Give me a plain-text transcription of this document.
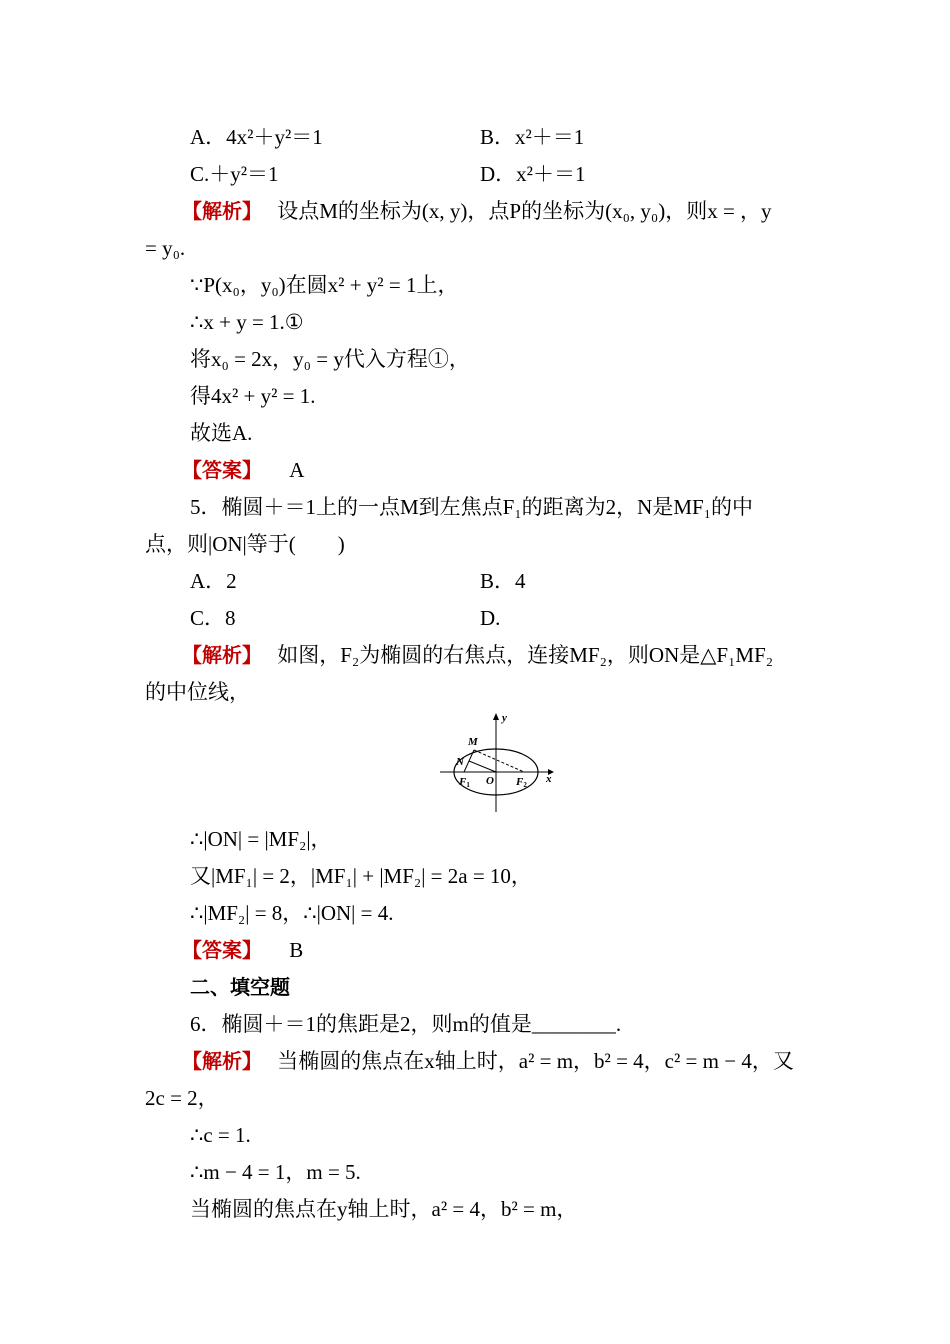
A．4x²＋y²＝1	B．x²＋＝1
C.＋y²＝1	D．x²＋＝1
【解析】 设点M的坐标为(x, y)，点P的坐标为(x₀, y₀)，则x = ，y
= y₀.
∵P(x₀，y₀)在圆x² + y² = 1上，
∴x + y = 1.①
将x₀ = 2x，y₀ = y代入方程①，
得4x² + y² = 1.
故选A.
【答案】 A
5．椭圆＋＝1上的一点M到左焦点F₁的距离为2，N是MF₁的中
点，则|ON|等于(　　)
A．2	B．4
C．8	D.
【解析】 如图，F₂为椭圆的右焦点，连接MF₂，则ON是△F₁MF₂
的中位线，
y
x
M
N
F1 O F2
∴|ON| = |MF₂|，
又|MF₁| = 2，|MF₁| + |MF₂| = 2a = 10，
∴|MF₂| = 8，∴|ON| = 4.
【答案】 B
二、填空题
6．椭圆＋＝1的焦距是2，则m的值是________.
【解析】 当椭圆的焦点在x轴上时，a² = m，b² = 4，c² = m − 4，又
2c = 2，
∴c = 1.
∴m − 4 = 1，m = 5.
当椭圆的焦点在y轴上时，a² = 4，b² = m，
